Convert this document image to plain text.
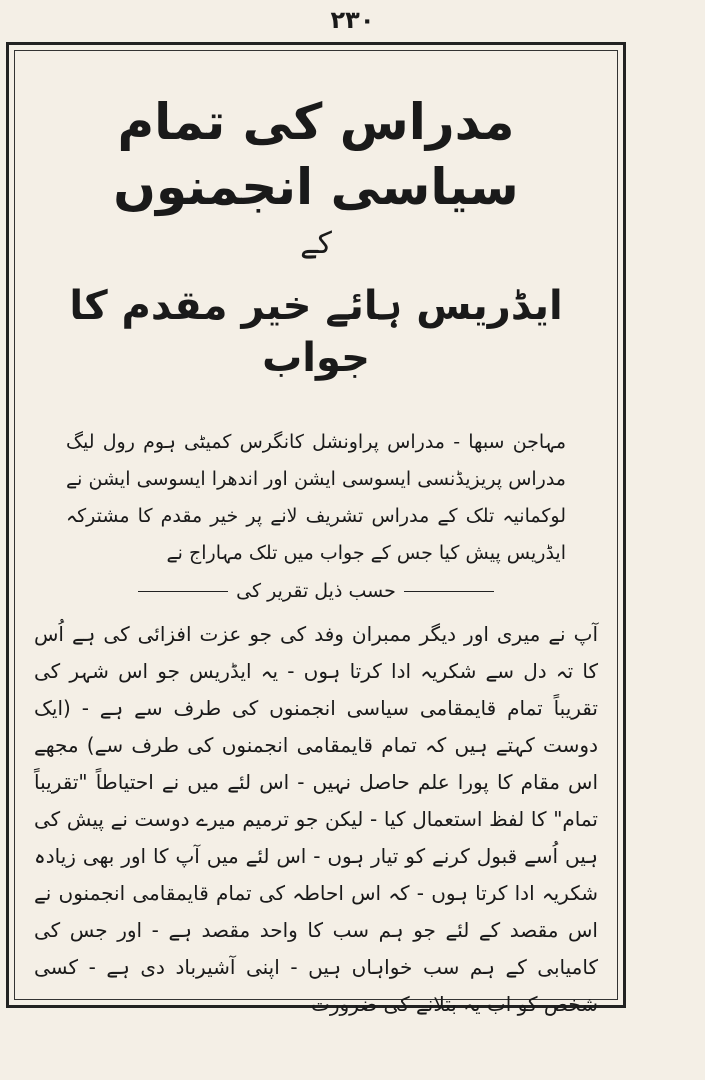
۲۳۰
مدراس کی تمام سیاسی انجمنوں
کے
ایڈریس ہائے خیر مقدم کا جواب
مہاجن سبھا - مدراس پراونشل کانگرس کمیٹی ہوم رول لیگ مدراس پریزیڈنسی ایسوسی ایشن اور اندھرا ایسوسی ایشن نے لوکمانیہ تلک کے مدراس تشریف لانے پر خیر مقدم کا مشترکہ ایڈریس پیش کیا جس کے جواب میں تلک مہاراج نے
حسب ذیل تقریر کی
آپ نے میری اور دیگر ممبران وفد کی جو عزت افزائی کی ہے اُس کا تہ دل سے شکریہ ادا کرتا ہوں - یہ ایڈریس جو اس شہر کی تقریباً تمام قایمقامی سیاسی انجمنوں کی طرف سے ہے - (ایک دوست کہتے ہیں کہ تمام قایمقامی انجمنوں کی طرف سے) مجھے اس مقام کا پورا علم حاصل نہیں - اس لئے میں نے احتیاطاً "تقریباً تمام" کا لفظ استعمال کیا - لیکن جو ترمیم میرے دوست نے پیش کی ہیں اُسے قبول کرنے کو تیار ہوں - اس لئے میں آپ کا اور بھی زیادہ شکریہ ادا کرتا ہوں - کہ اس احاطہ کی تمام قایمقامی انجمنوں نے اس مقصد کے لئے جو ہم سب کا واحد مقصد ہے - اور جس کی کامیابی کے ہم سب خواہاں ہیں - اپنی آشیرباد دی ہے - کسی شخص کو اب یہ بتلانے کی ضرورت
